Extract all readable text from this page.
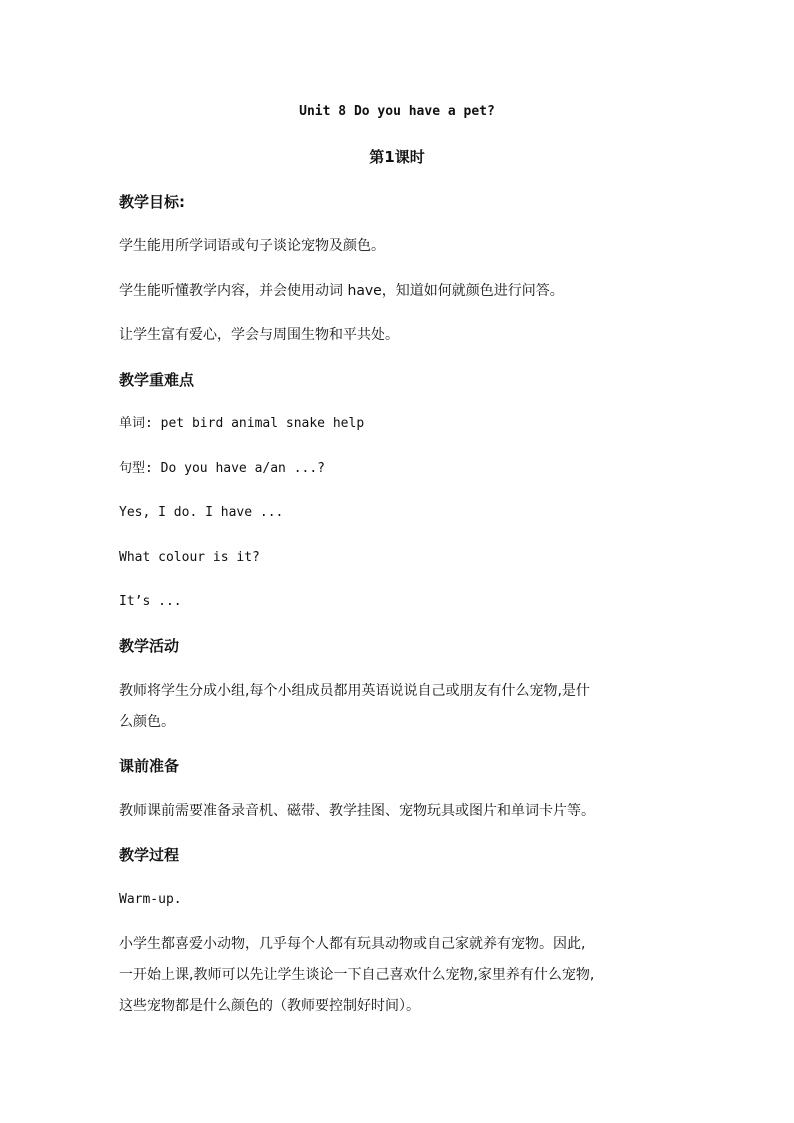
Unit 8 Do you have a pet?
第1课时
教学目标:
学生能用所学词语或句子谈论宠物及颜色。
学生能听懂教学内容，并会使用动词 have，知道如何就颜色进行问答。
让学生富有爱心，学会与周围生物和平共处。
教学重难点
单词: pet bird animal snake help
句型: Do you have a/an ...?
Yes, I do. I have ...
What colour is it?
It’s ...
教学活动
教师将学生分成小组,每个小组成员都用英语说说自己或朋友有什么宠物,是什
么颜色。
课前准备
教师课前需要准备录音机、磁带、教学挂图、宠物玩具或图片和单词卡片等。
教学过程
Warm-up.
小学生都喜爱小动物，几乎每个人都有玩具动物或自己家就养有宠物。因此,
一开始上课,教师可以先让学生谈论一下自己喜欢什么宠物,家里养有什么宠物,
这些宠物都是什么颜色的（教师要控制好时间）。
